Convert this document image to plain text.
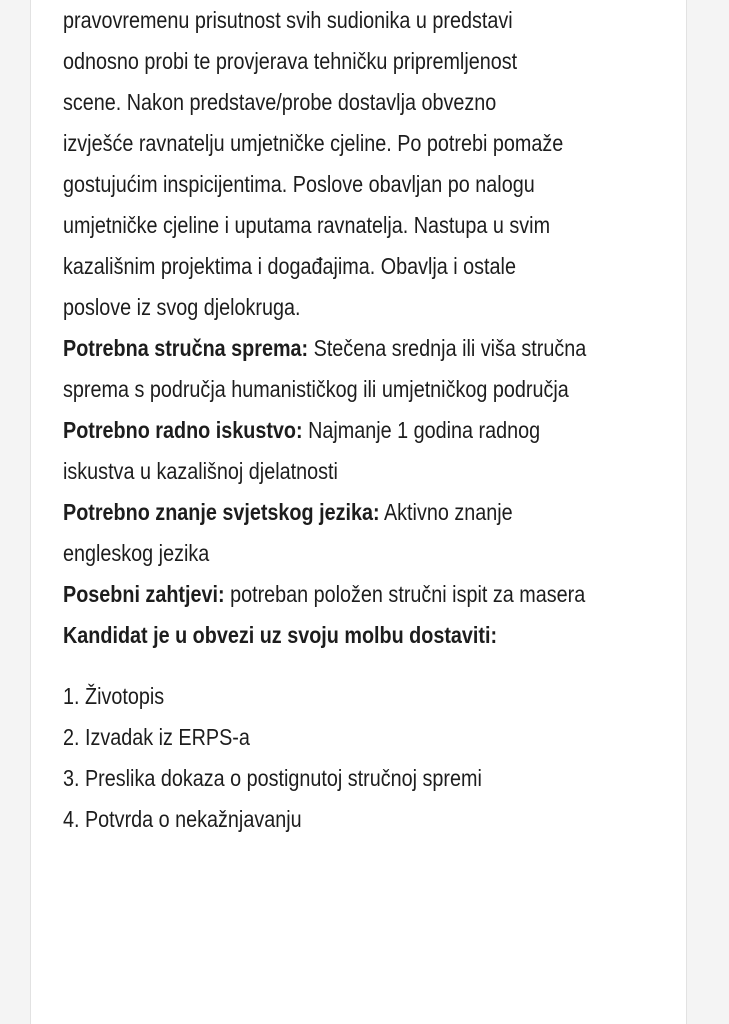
pravovremenu prisutnost svih sudionika u predstavi
odnosno probi te provjerava tehničku pripremljenost
scene. Nakon predstave/probe dostavlja obvezno
izvješće ravnatelju umjetničke cjeline. Po potrebi pomaže
gostujućim inspicijentima. Poslove obavljan po nalogu
umjetničke cjeline i uputama ravnatelja. Nastupa u svim
kazališnim projektima i događajima. Obavlja i ostale
poslove iz svog djelokruga.

Potrebna stručna sprema: Stečena srednja ili viša stručna sprema s područja humanističkog ili umjetničkog područja

Potrebno radno iskustvo: Najmanje 1 godina radnog iskustva u kazališnoj djelatnosti

Potrebno znanje svjetskog jezika: Aktivno znanje engleskog jezika

Posebni zahtjevi: potreban položen stručni ispit za masera

Kandidat je u obvezi uz svoju molbu dostaviti:

1. Životopis
2. Izvadak iz ERPS-a
3. Preslika dokaza o postignutoj stručnoj spremi
4. Potvrda o nekažnjavanju
